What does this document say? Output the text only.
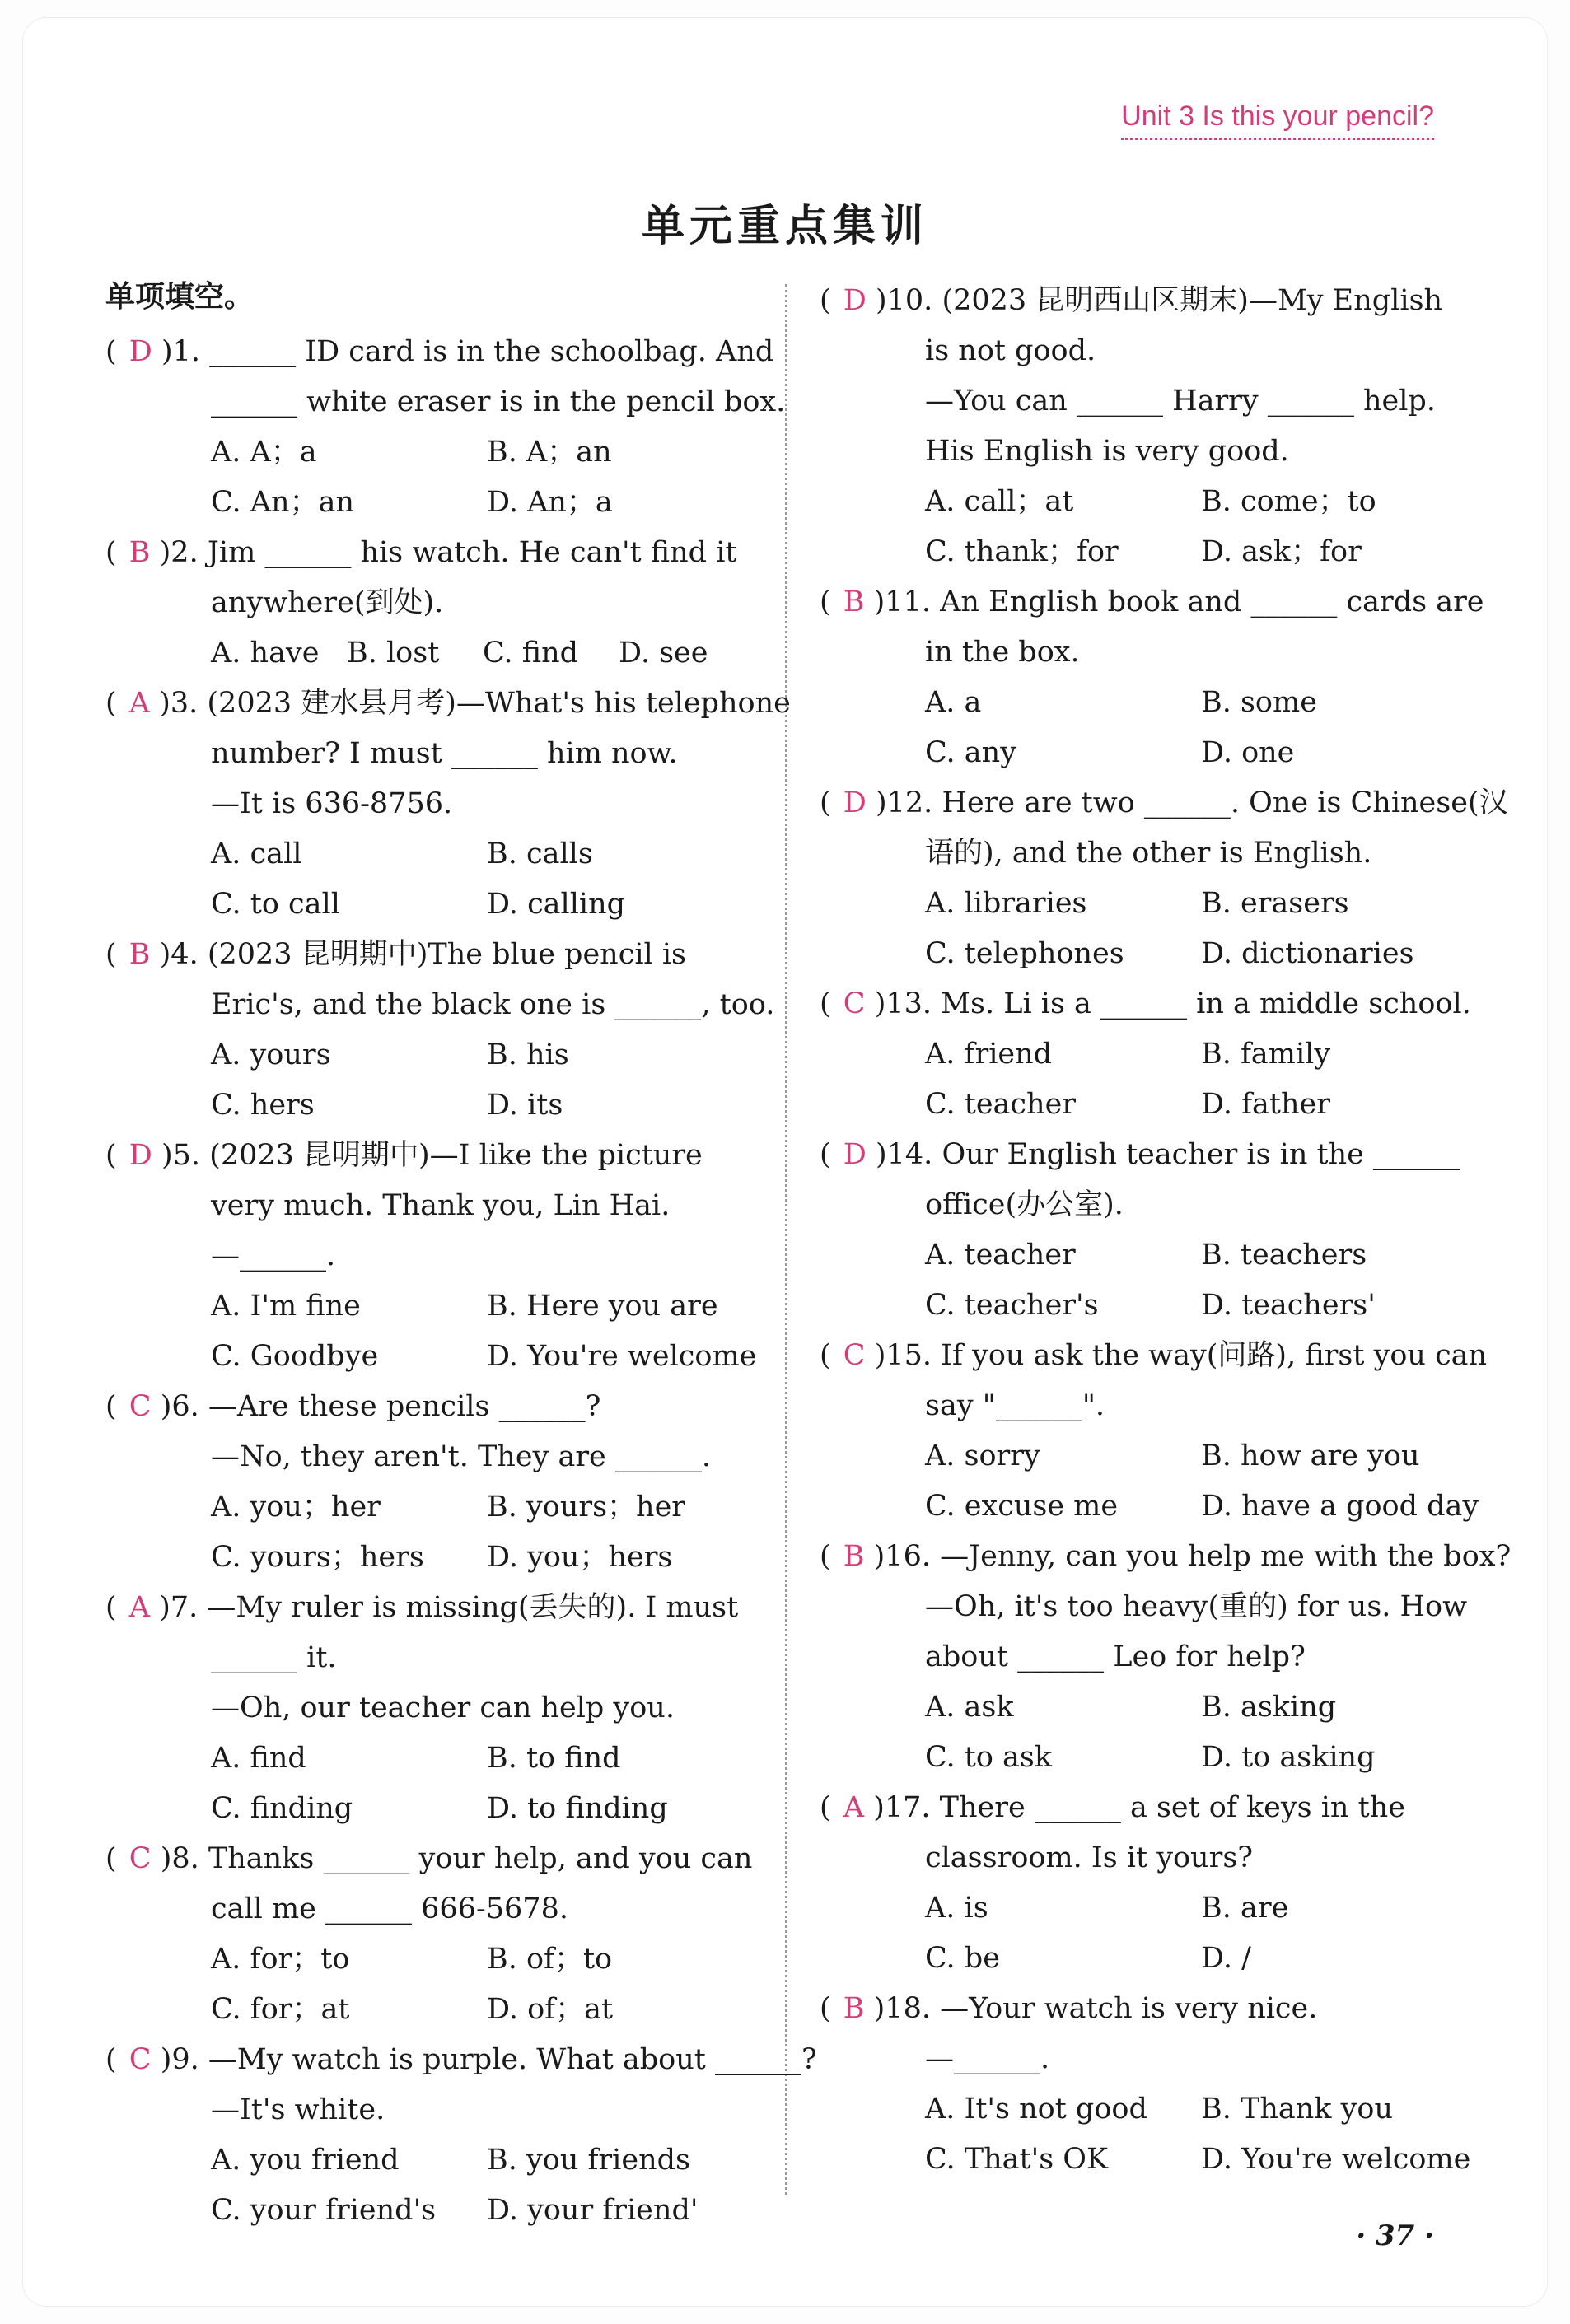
Unit 3 Is this your pencil?
单元重点集训
单项填空。
( D )1. ______ ID card is in the schoolbag. And
______ white eraser is in the pencil box.
A. A；a	B. A；an
C. An；an	D. An；a
( B )2. Jim ______ his watch. He can't find it
anywhere(到处).
A. have B. lost	C. find	D. see
( A )3. (2023 建水县月考)—What's his telephone
number? I must ______ him now.
—It is 636-8756.
A. call	B. calls
C. to call	D. calling
( B )4. (2023 昆明期中)The blue pencil is
Eric's, and the black one is ______, too.
A. yours	B. his
C. hers	D. its
( D )5. (2023 昆明期中)—I like the picture
very much. Thank you, Lin Hai.
—______.
A. I'm fine	B. Here you are
C. Goodbye	D. You're welcome
( C )6. —Are these pencils ______?
—No, they aren't. They are ______.
A. you；her	B. yours；her
C. yours；hers	D. you；hers
( A )7. —My ruler is missing(丢失的). I must
______ it.
—Oh, our teacher can help you.
A. find	B. to find
C. finding	D. to finding
( C )8. Thanks ______ your help, and you can
call me ______ 666-5678.
A. for；to	B. of；to
C. for；at	D. of；at
( C )9. —My watch is purple. What about ______?
—It's white.
A. you friend	B. you friends
C. your friend's	D. your friend'
( D )10. (2023 昆明西山区期末)—My English
is not good.
—You can ______ Harry ______ help.
His English is very good.
A. call；at	B. come；to
C. thank；for	D. ask；for
( B )11. An English book and ______ cards are
in the box.
A. a	B. some
C. any	D. one
( D )12. Here are two ______. One is Chinese(汉
语的), and the other is English.
A. libraries	B. erasers
C. telephones	D. dictionaries
( C )13. Ms. Li is a ______ in a middle school.
A. friend	B. family
C. teacher	D. father
( D )14. Our English teacher is in the ______
office(办公室).
A. teacher	B. teachers
C. teacher's	D. teachers'
( C )15. If you ask the way(问路), first you can
say "______".
A. sorry	B. how are you
C. excuse me	D. have a good day
( B )16. —Jenny, can you help me with the box?
—Oh, it's too heavy(重的) for us. How
about ______ Leo for help?
A. ask	B. asking
C. to ask	D. to asking
( A )17. There ______ a set of keys in the
classroom. Is it yours?
A. is	B. are
C. be	D. /
( B )18. —Your watch is very nice.
—______.
A. It's not good	B. Thank you
C. That's OK	D. You're welcome
· 37 ·
